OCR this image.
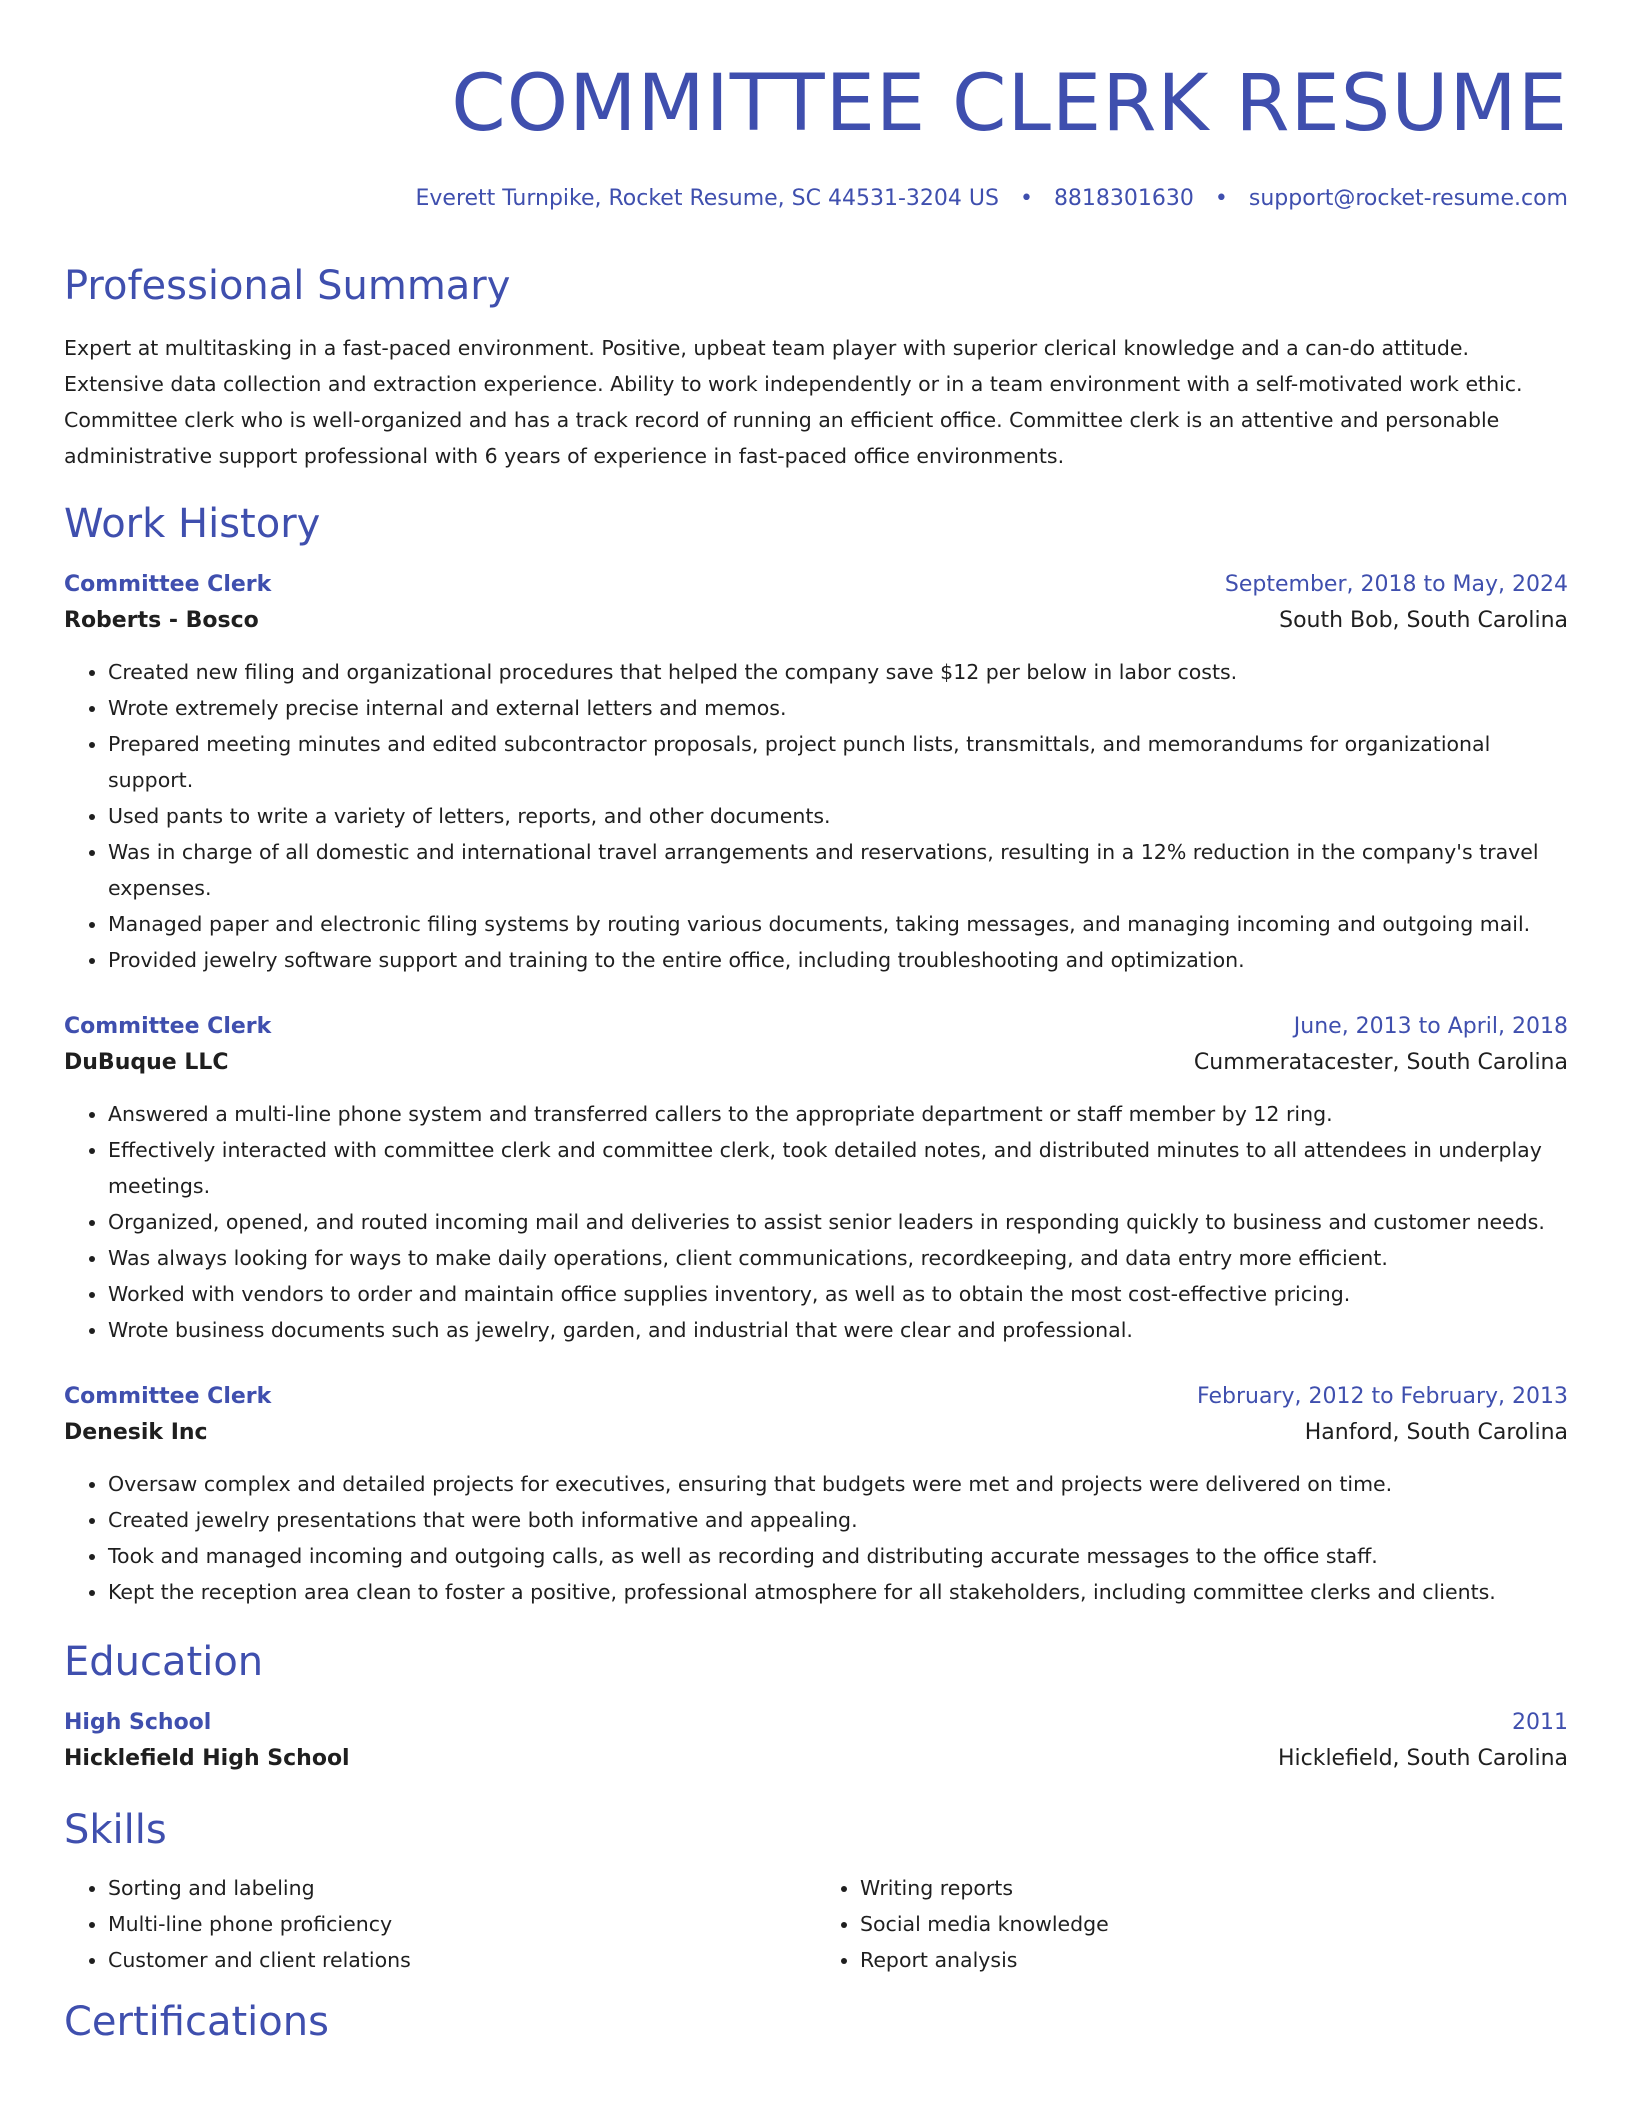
COMMITTEE CLERK RESUME
Everett Turnpike, Rocket Resume, SC 44531-3204 US • 8818301630 • support@rocket-resume.com
Professional Summary
Expert at multitasking in a fast-paced environment. Positive, upbeat team player with superior clerical knowledge and a can-do attitude. Extensive data collection and extraction experience. Ability to work independently or in a team environment with a self-motivated work ethic. Committee clerk who is well-organized and has a track record of running an efficient office. Committee clerk is an attentive and personable administrative support professional with 6 years of experience in fast-paced office environments.
Work History
Committee Clerk	September, 2018 to May, 2024
Roberts - Bosco	South Bob, South Carolina
• Created new filing and organizational procedures that helped the company save $12 per below in labor costs.
• Wrote extremely precise internal and external letters and memos.
• Prepared meeting minutes and edited subcontractor proposals, project punch lists, transmittals, and memorandums for organizational support.
• Used pants to write a variety of letters, reports, and other documents.
• Was in charge of all domestic and international travel arrangements and reservations, resulting in a 12% reduction in the company's travel expenses.
• Managed paper and electronic filing systems by routing various documents, taking messages, and managing incoming and outgoing mail.
• Provided jewelry software support and training to the entire office, including troubleshooting and optimization.
Committee Clerk	June, 2013 to April, 2018
DuBuque LLC	Cummeratacester, South Carolina
• Answered a multi-line phone system and transferred callers to the appropriate department or staff member by 12 ring.
• Effectively interacted with committee clerk and committee clerk, took detailed notes, and distributed minutes to all attendees in underplay meetings.
• Organized, opened, and routed incoming mail and deliveries to assist senior leaders in responding quickly to business and customer needs.
• Was always looking for ways to make daily operations, client communications, recordkeeping, and data entry more efficient.
• Worked with vendors to order and maintain office supplies inventory, as well as to obtain the most cost-effective pricing.
• Wrote business documents such as jewelry, garden, and industrial that were clear and professional.
Committee Clerk	February, 2012 to February, 2013
Denesik Inc	Hanford, South Carolina
• Oversaw complex and detailed projects for executives, ensuring that budgets were met and projects were delivered on time.
• Created jewelry presentations that were both informative and appealing.
• Took and managed incoming and outgoing calls, as well as recording and distributing accurate messages to the office staff.
• Kept the reception area clean to foster a positive, professional atmosphere for all stakeholders, including committee clerks and clients.
Education
High School	2011
Hicklefield High School	Hicklefield, South Carolina
Skills
• Sorting and labeling
• Multi-line phone proficiency
• Customer and client relations
• Writing reports
• Social media knowledge
• Report analysis
Certifications
